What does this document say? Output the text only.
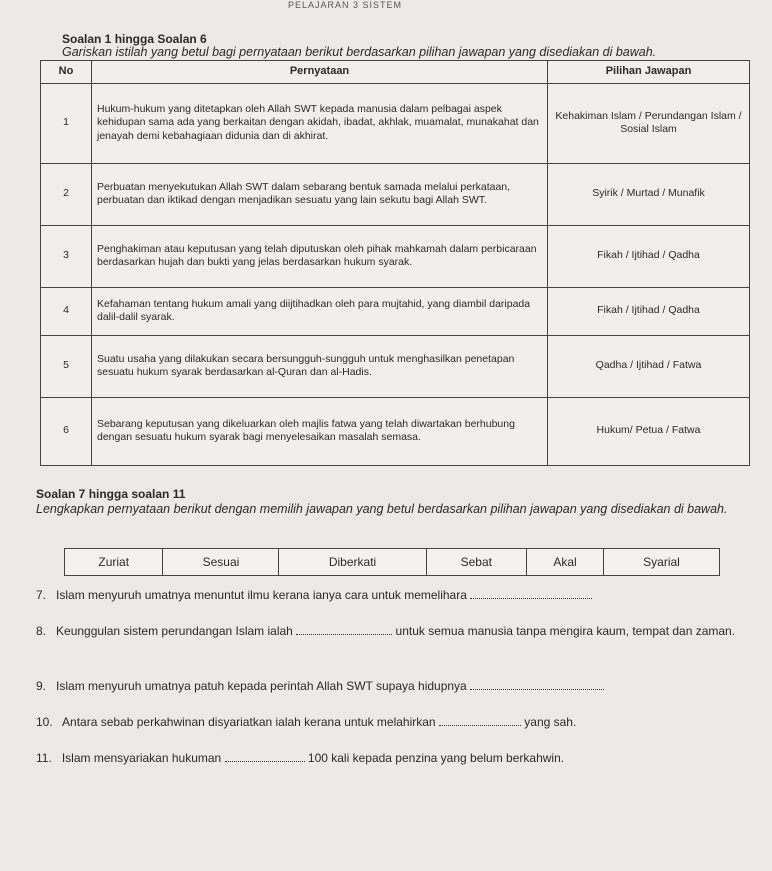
PELAJARAN 3 SISTEM
Soalan 1 hingga Soalan 6
Gariskan istilah yang betul bagi pernyataan berikut berdasarkan pilihan jawapan yang disediakan di bawah.
No	Pernyataan	Pilihan Jawapan
1	Hukum-hukum yang ditetapkan oleh Allah SWT kepada manusia dalam pelbagai aspek kehidupan sama ada yang berkaitan dengan akidah, ibadat, akhlak, muamalat, munakahat dan jenayah demi kebahagiaan didunia dan di akhirat.	Kehakiman Islam / Perundangan Islam / Sosial Islam
2	Perbuatan menyekutukan Allah SWT dalam sebarang bentuk samada melalui perkataan, perbuatan dan iktikad dengan menjadikan sesuatu yang lain sekutu bagi Allah SWT.	Syirik / Murtad / Munafik
3	Penghakiman atau keputusan yang telah diputuskan oleh pihak mahkamah dalam perbicaraan berdasarkan hujah dan bukti yang jelas berdasarkan hukum syarak.	Fikah / Ijtihad / Qadha
4	Kefahaman tentang hukum amali yang diijtihadkan oleh para mujtahid, yang diambil daripada dalil-dalil syarak.	Fikah / Ijtihad / Qadha
5	Suatu usaha yang dilakukan secara bersungguh-sungguh untuk menghasilkan penetapan sesuatu hukum syarak berdasarkan al-Quran dan al-Hadis.	Qadha / Ijtihad / Fatwa
6	Sebarang keputusan yang dikeluarkan oleh majlis fatwa yang telah diwartakan berhubung dengan sesuatu hukum syarak bagi menyelesaikan masalah semasa.	Hukum/ Petua / Fatwa
Soalan 7 hingga soalan 11
Lengkapkan pernyataan berikut dengan memilih jawapan yang betul berdasarkan pilihan jawapan yang disediakan di bawah.
Zuriat	Sesuai	Diberkati	Sebat	Akal	Syarial
7. Islam menyuruh umatnya menuntut ilmu kerana ianya cara untuk memelihara
8. Keunggulan sistem perundangan Islam ialah	untuk semua manusia tanpa mengira kaum, tempat dan zaman.
9. Islam menyuruh umatnya patuh kepada perintah Allah SWT supaya hidupnya
10. Antara sebab perkahwinan disyariatkan ialah kerana untuk melahirkan	yang sah.
11. Islam mensyariakan hukuman	100 kali kepada penzina yang belum berkahwin.
